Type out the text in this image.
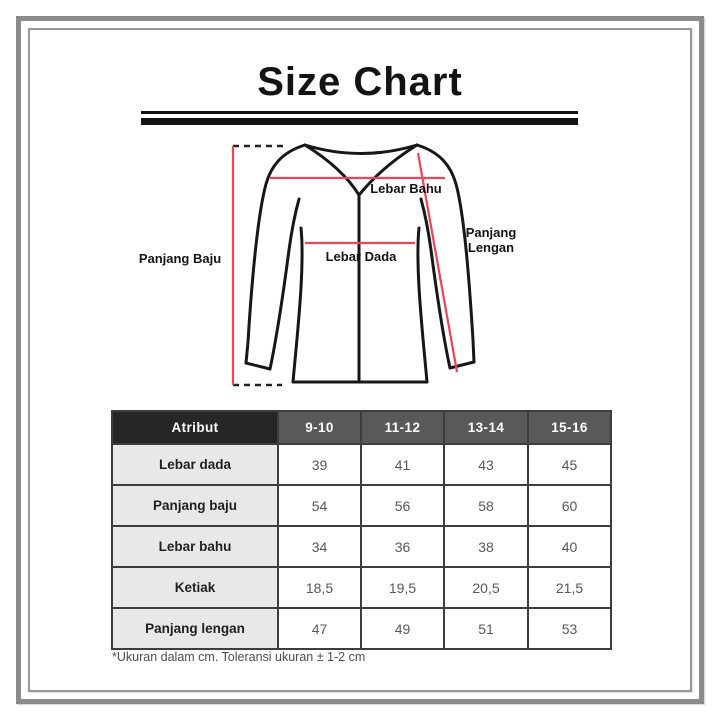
Size Chart
Panjang Baju
Lebar Bahu
Lebar Dada
Panjang
Lengan
Atribut	9-10	11-12	13-14	15-16
Lebar dada	39	41	43	45
Panjang baju	54	56	58	60
Lebar bahu	34	36	38	40
Ketiak	18,5	19,5	20,5	21,5
Panjang lengan	47	49	51	53
*Ukuran dalam cm. Toleransi ukuran ± 1-2 cm
